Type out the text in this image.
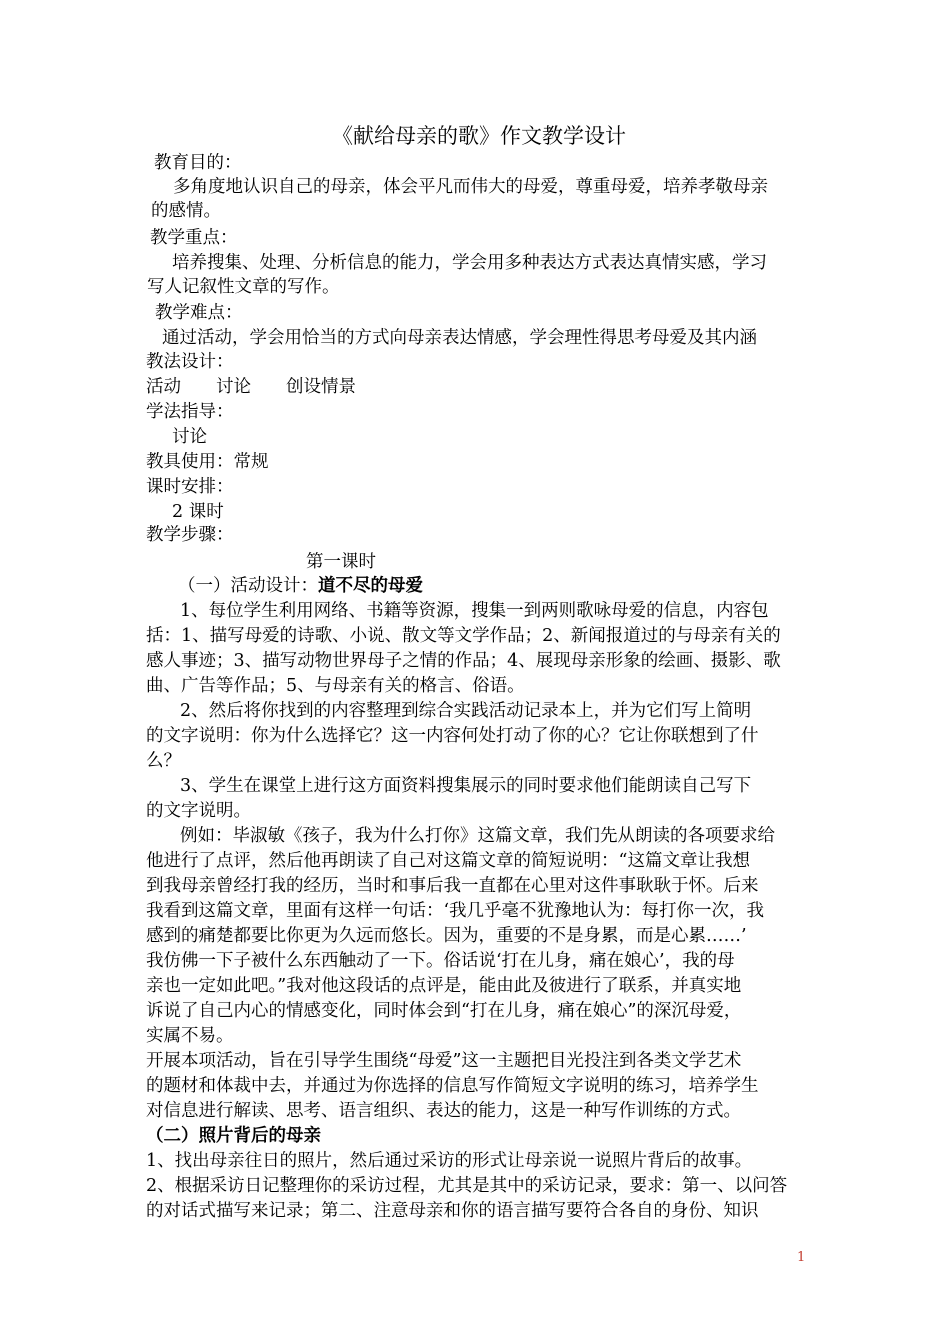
《献给母亲的歌》作文教学设计
教育目的：
多角度地认识自己的母亲，体会平凡而伟大的母爱，尊重母爱，培养孝敬母亲
的感情。
教学重点：
培养搜集、处理、分析信息的能力，学会用多种表达方式表达真情实感，学习
写人记叙性文章的写作。
教学难点：
通过活动，学会用恰当的方式向母亲表达情感，学会理性得思考母爱及其内涵
教法设计：
活动　　讨论　　创设情景
学法指导：
讨论
教具使用：常规
课时安排：
2 课时
教学步骤：
第一课时
（一）活动设计：道不尽的母爱
1、每位学生利用网络、书籍等资源，搜集一到两则歌咏母爱的信息，内容包
括：1、描写母爱的诗歌、小说、散文等文学作品；2、新闻报道过的与母亲有关的
感人事迹；3、描写动物世界母子之情的作品；4、展现母亲形象的绘画、摄影、歌
曲、广告等作品；5、与母亲有关的格言、俗语。
2、然后将你找到的内容整理到综合实践活动记录本上，并为它们写上简明
的文字说明：你为什么选择它？这一内容何处打动了你的心？它让你联想到了什
么？
3、学生在课堂上进行这方面资料搜集展示的同时要求他们能朗读自己写下
的文字说明。
例如：毕淑敏《孩子，我为什么打你》这篇文章，我们先从朗读的各项要求给
他进行了点评，然后他再朗读了自己对这篇文章的简短说明：“这篇文章让我想
到我母亲曾经打我的经历，当时和事后我一直都在心里对这件事耿耿于怀。后来
我看到这篇文章，里面有这样一句话：‘我几乎毫不犹豫地认为：每打你一次，我
感到的痛楚都要比你更为久远而悠长。因为，重要的不是身累，而是心累……’
我仿佛一下子被什么东西触动了一下。俗话说‘打在儿身，痛在娘心’，我的母
亲也一定如此吧。”我对他这段话的点评是，能由此及彼进行了联系，并真实地
诉说了自己内心的情感变化，同时体会到“打在儿身，痛在娘心”的深沉母爱，
实属不易。
开展本项活动，旨在引导学生围绕“母爱”这一主题把目光投注到各类文学艺术
的题材和体裁中去，并通过为你选择的信息写作简短文字说明的练习，培养学生
对信息进行解读、思考、语言组织、表达的能力，这是一种写作训练的方式。
（二）照片背后的母亲
1、找出母亲往日的照片，然后通过采访的形式让母亲说一说照片背后的故事。
2、根据采访日记整理你的采访过程，尤其是其中的采访记录，要求：第一、以问答
的对话式描写来记录；第二、注意母亲和你的语言描写要符合各自的身份、知识
1
